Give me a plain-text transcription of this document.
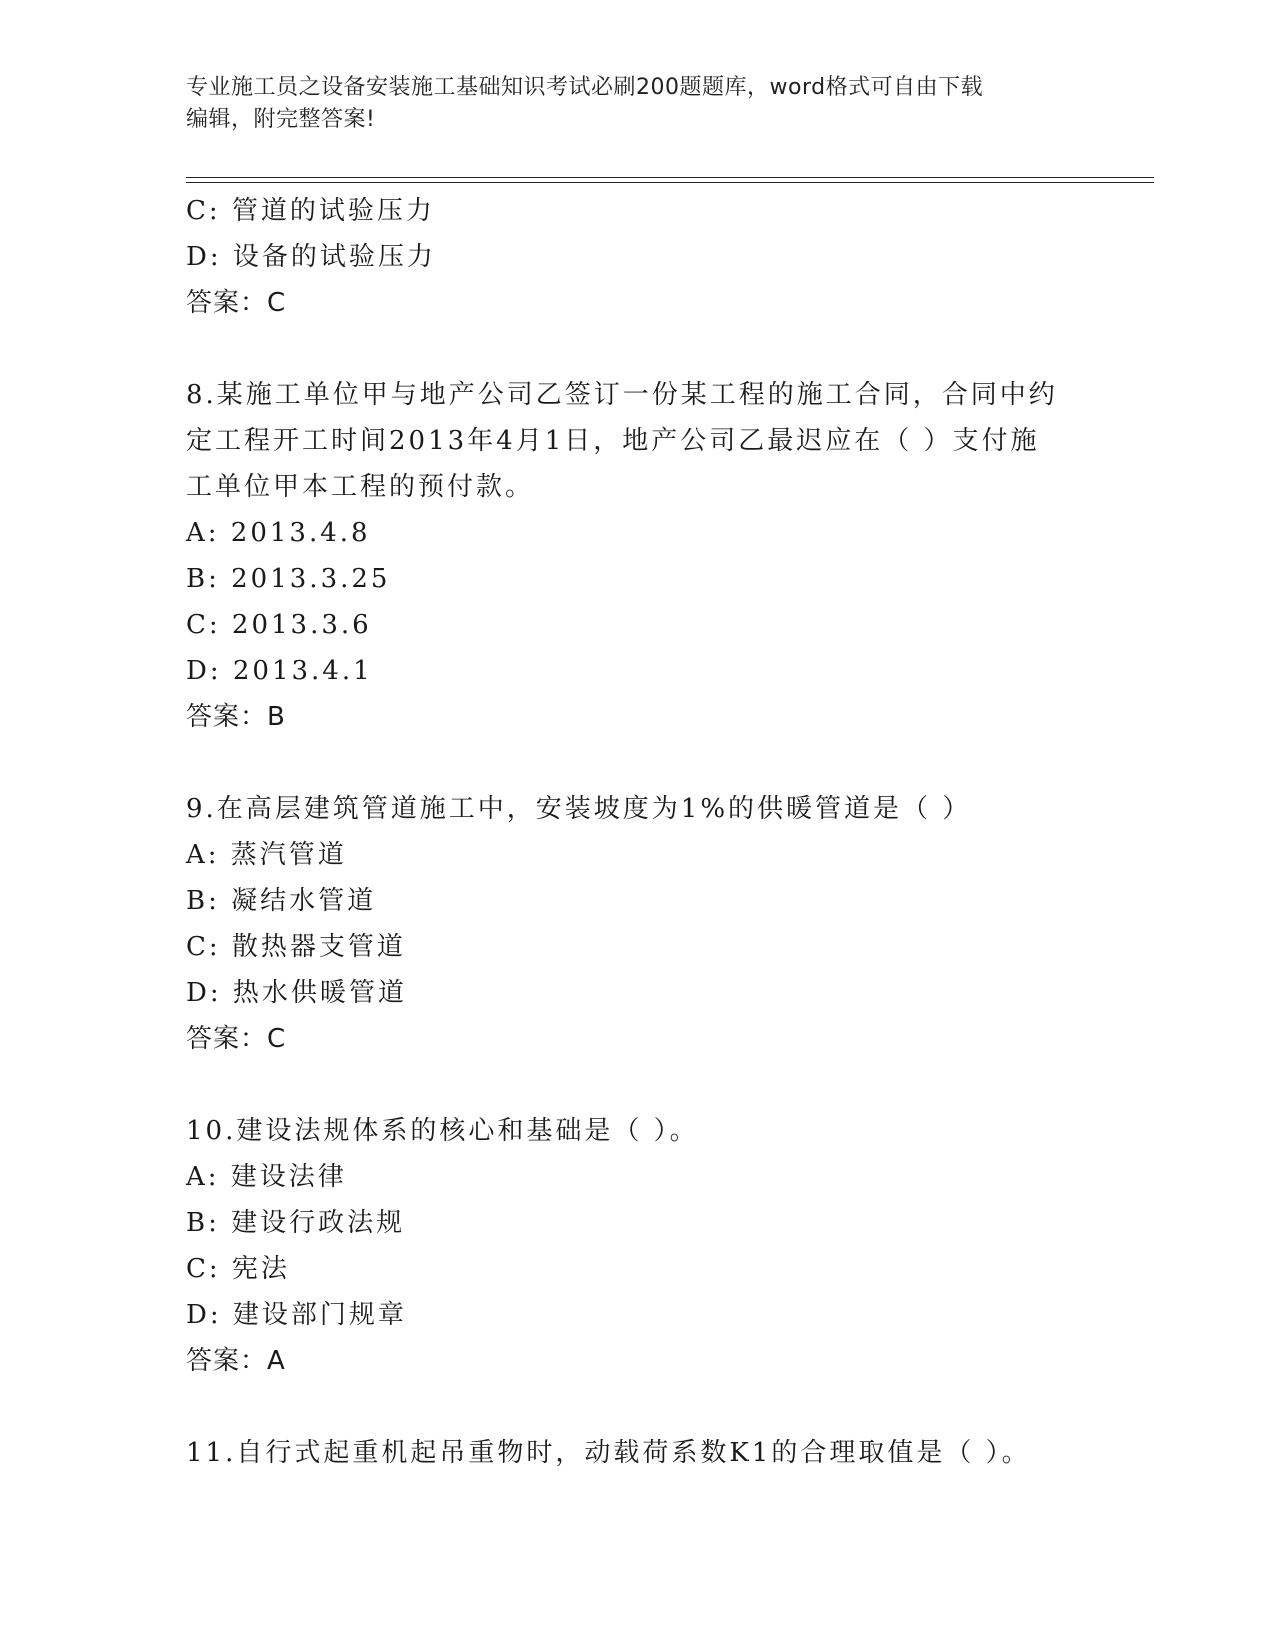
专业施工员之设备安装施工基础知识考试必刷200题题库，word格式可自由下载
编辑，附完整答案!
C: 管道的试验压力
D: 设备的试验压力
答案：C
8.某施工单位甲与地产公司乙签订一份某工程的施工合同，合同中约
定工程开工时间2013年4月1日，地产公司乙最迟应在（ ）支付施
工单位甲本工程的预付款。
A: 2013.4.8
B: 2013.3.25
C: 2013.3.6
D: 2013.4.1
答案：B
9.在高层建筑管道施工中，安装坡度为1%的供暖管道是（ ）
A: 蒸汽管道
B: 凝结水管道
C: 散热器支管道
D: 热水供暖管道
答案：C
10.建设法规体系的核心和基础是（ ）。
A: 建设法律
B: 建设行政法规
C: 宪法
D: 建设部门规章
答案：A
11.自行式起重机起吊重物时，动载荷系数K1的合理取值是（ ）。
